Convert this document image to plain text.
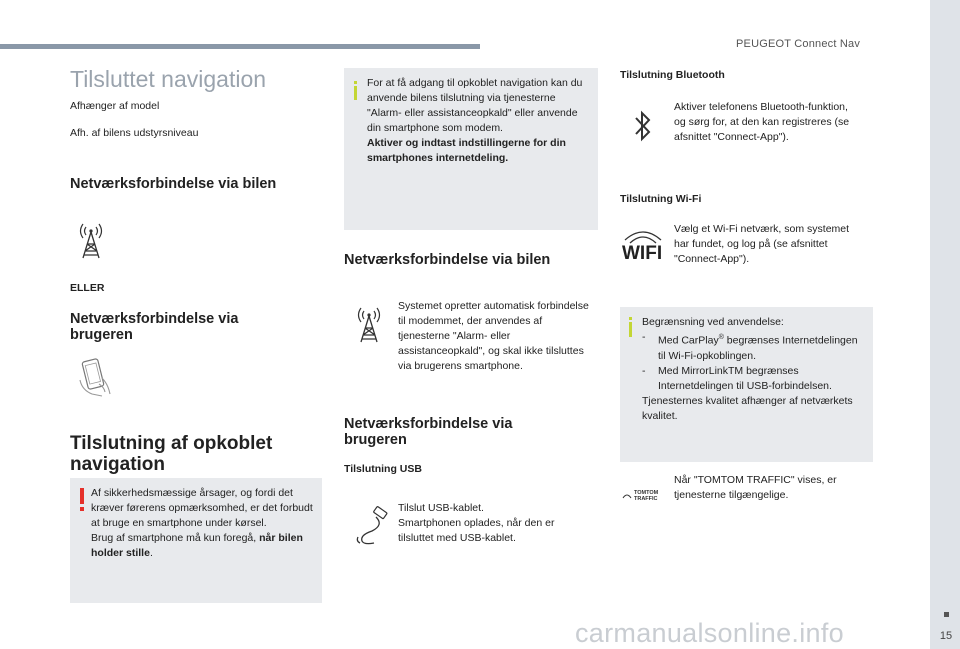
PEUGEOT Connect Nav
15
carmanualsonline.info
Tilsluttet navigation
Afhænger af model
Afh. af bilens udstyrsniveau
Netværksforbindelse via bilen
ELLER
Netværksforbindelse via
brugeren
Tilslutning af opkoblet
navigation

Af sikkerhedsmæssige årsager, og fordi det kræver førerens opmærksomhed, er det forbudt at bruge en smartphone under kørsel.

Brug af smartphone må kun foregå, når bilen holder stille.

For at få adgang til opkoblet navigation kan du anvende bilens tilslutning via tjenesterne "Alarm- eller assistanceopkald" eller anvende din smartphone som modem.

Aktiver og indtast indstillingerne for din smartphones internetdeling.

Netværksforbindelse via bilen
Systemet opretter automatisk forbindelse til modemmet, der anvendes af tjenesterne "Alarm- eller assistanceopkald", og skal ikke tilsluttes via brugerens smartphone.
Netværksforbindelse via
brugeren
Tilslutning USB

Tilslut USB-kablet.

Smartphonen oplades, når den er tilsluttet med USB-kablet.

Tilslutning Bluetooth
Aktiver telefonens Bluetooth-funktion, og sørg for, at den kan registreres (se afsnittet "Connect-App").
Tilslutning Wi-Fi
WIFI
Vælg et Wi-Fi netværk, som systemet har fundet, og log på (se afsnittet "Connect-App").

Begrænsning ved anvendelse:

- Med CarPlay® begrænses Internetdelingen til Wi-Fi-opkoblingen.
- Med MirrorLinkTM begrænses Internetdelingen til USB-forbindelsen.

Tjenesternes kvalitet afhænger af netværkets kvalitet.

TOMTOM
TRAFFIC
Når "TOMTOM TRAFFIC" vises, er tjenesterne tilgængelige.
